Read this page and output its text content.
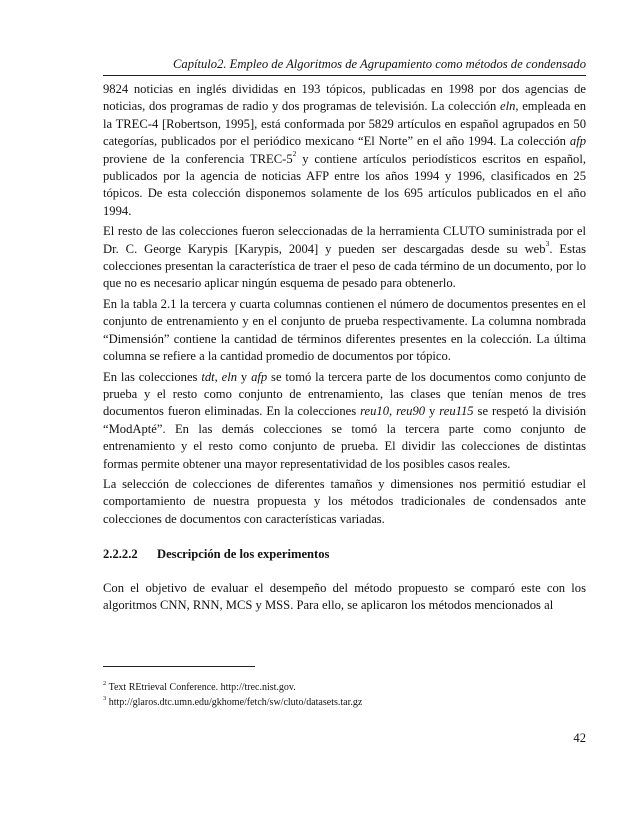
Capítulo2. Empleo de Algoritmos de Agrupamiento como métodos de condensado

9824 noticias en inglés divididas en 193 tópicos, publicadas en 1998 por dos agencias de noticias, dos programas de radio y dos programas de televisión. La colección eln, empleada en la TREC-4 [Robertson, 1995], está conformada por 5829 artículos en español agrupados en 50 categorías, publicados por el periódico mexicano “El Norte” en el año 1994. La colección afp proviene de la conferencia TREC-$5^2$ y contiene artículos periodísticos escritos en español, publicados por la agencia de noticias AFP entre los años 1994 y 1996, clasificados en 25 tópicos. De esta colección disponemos solamente de los 695 artículos publicados en el año 1994.

El resto de las colecciones fueron seleccionadas de la herramienta CLUTO suministrada por el Dr. C. George Karypis [Karypis, 2004] y pueden ser descargadas desde su web$^3$. Estas colecciones presentan la característica de traer el peso de cada término de un documento, por lo que no es necesario aplicar ningún esquema de pesado para obtenerlo.

En la tabla 2.1 la tercera y cuarta columnas contienen el número de documentos presentes en el conjunto de entrenamiento y en el conjunto de prueba respectivamente. La columna nombrada “Dimensión” contiene la cantidad de términos diferentes presentes en la colección. La última columna se refiere a la cantidad promedio de documentos por tópico.

En las colecciones tdt, eln y afp se tomó la tercera parte de los documentos como conjunto de prueba y el resto como conjunto de entrenamiento, las clases que tenían menos de tres documentos fueron eliminadas. En la colecciones reu10, reu90 y reu115 se respetó la división “ModApté”. En las demás colecciones se tomó la tercera parte como conjunto de entrenamiento y el resto como conjunto de prueba. El dividir las colecciones de distintas formas permite obtener una mayor representatividad de los posibles casos reales.

La selección de colecciones de diferentes tamaños y dimensiones nos permitió estudiar el comportamiento de nuestra propuesta y los métodos tradicionales de condensados ante colecciones de documentos con características variadas.

2.2.2.2 Descripción de los experimentos

Con el objetivo de evaluar el desempeño del método propuesto se comparó este con los algoritmos CNN, RNN, MCS y MSS. Para ello, se aplicaron los métodos mencionados al

$^2$ Text REtrieval Conference. http://trec.nist.gov.

$^3$ http://glaros.dtc.umn.edu/gkhome/fetch/sw/cluto/datasets.tar.gz

42
